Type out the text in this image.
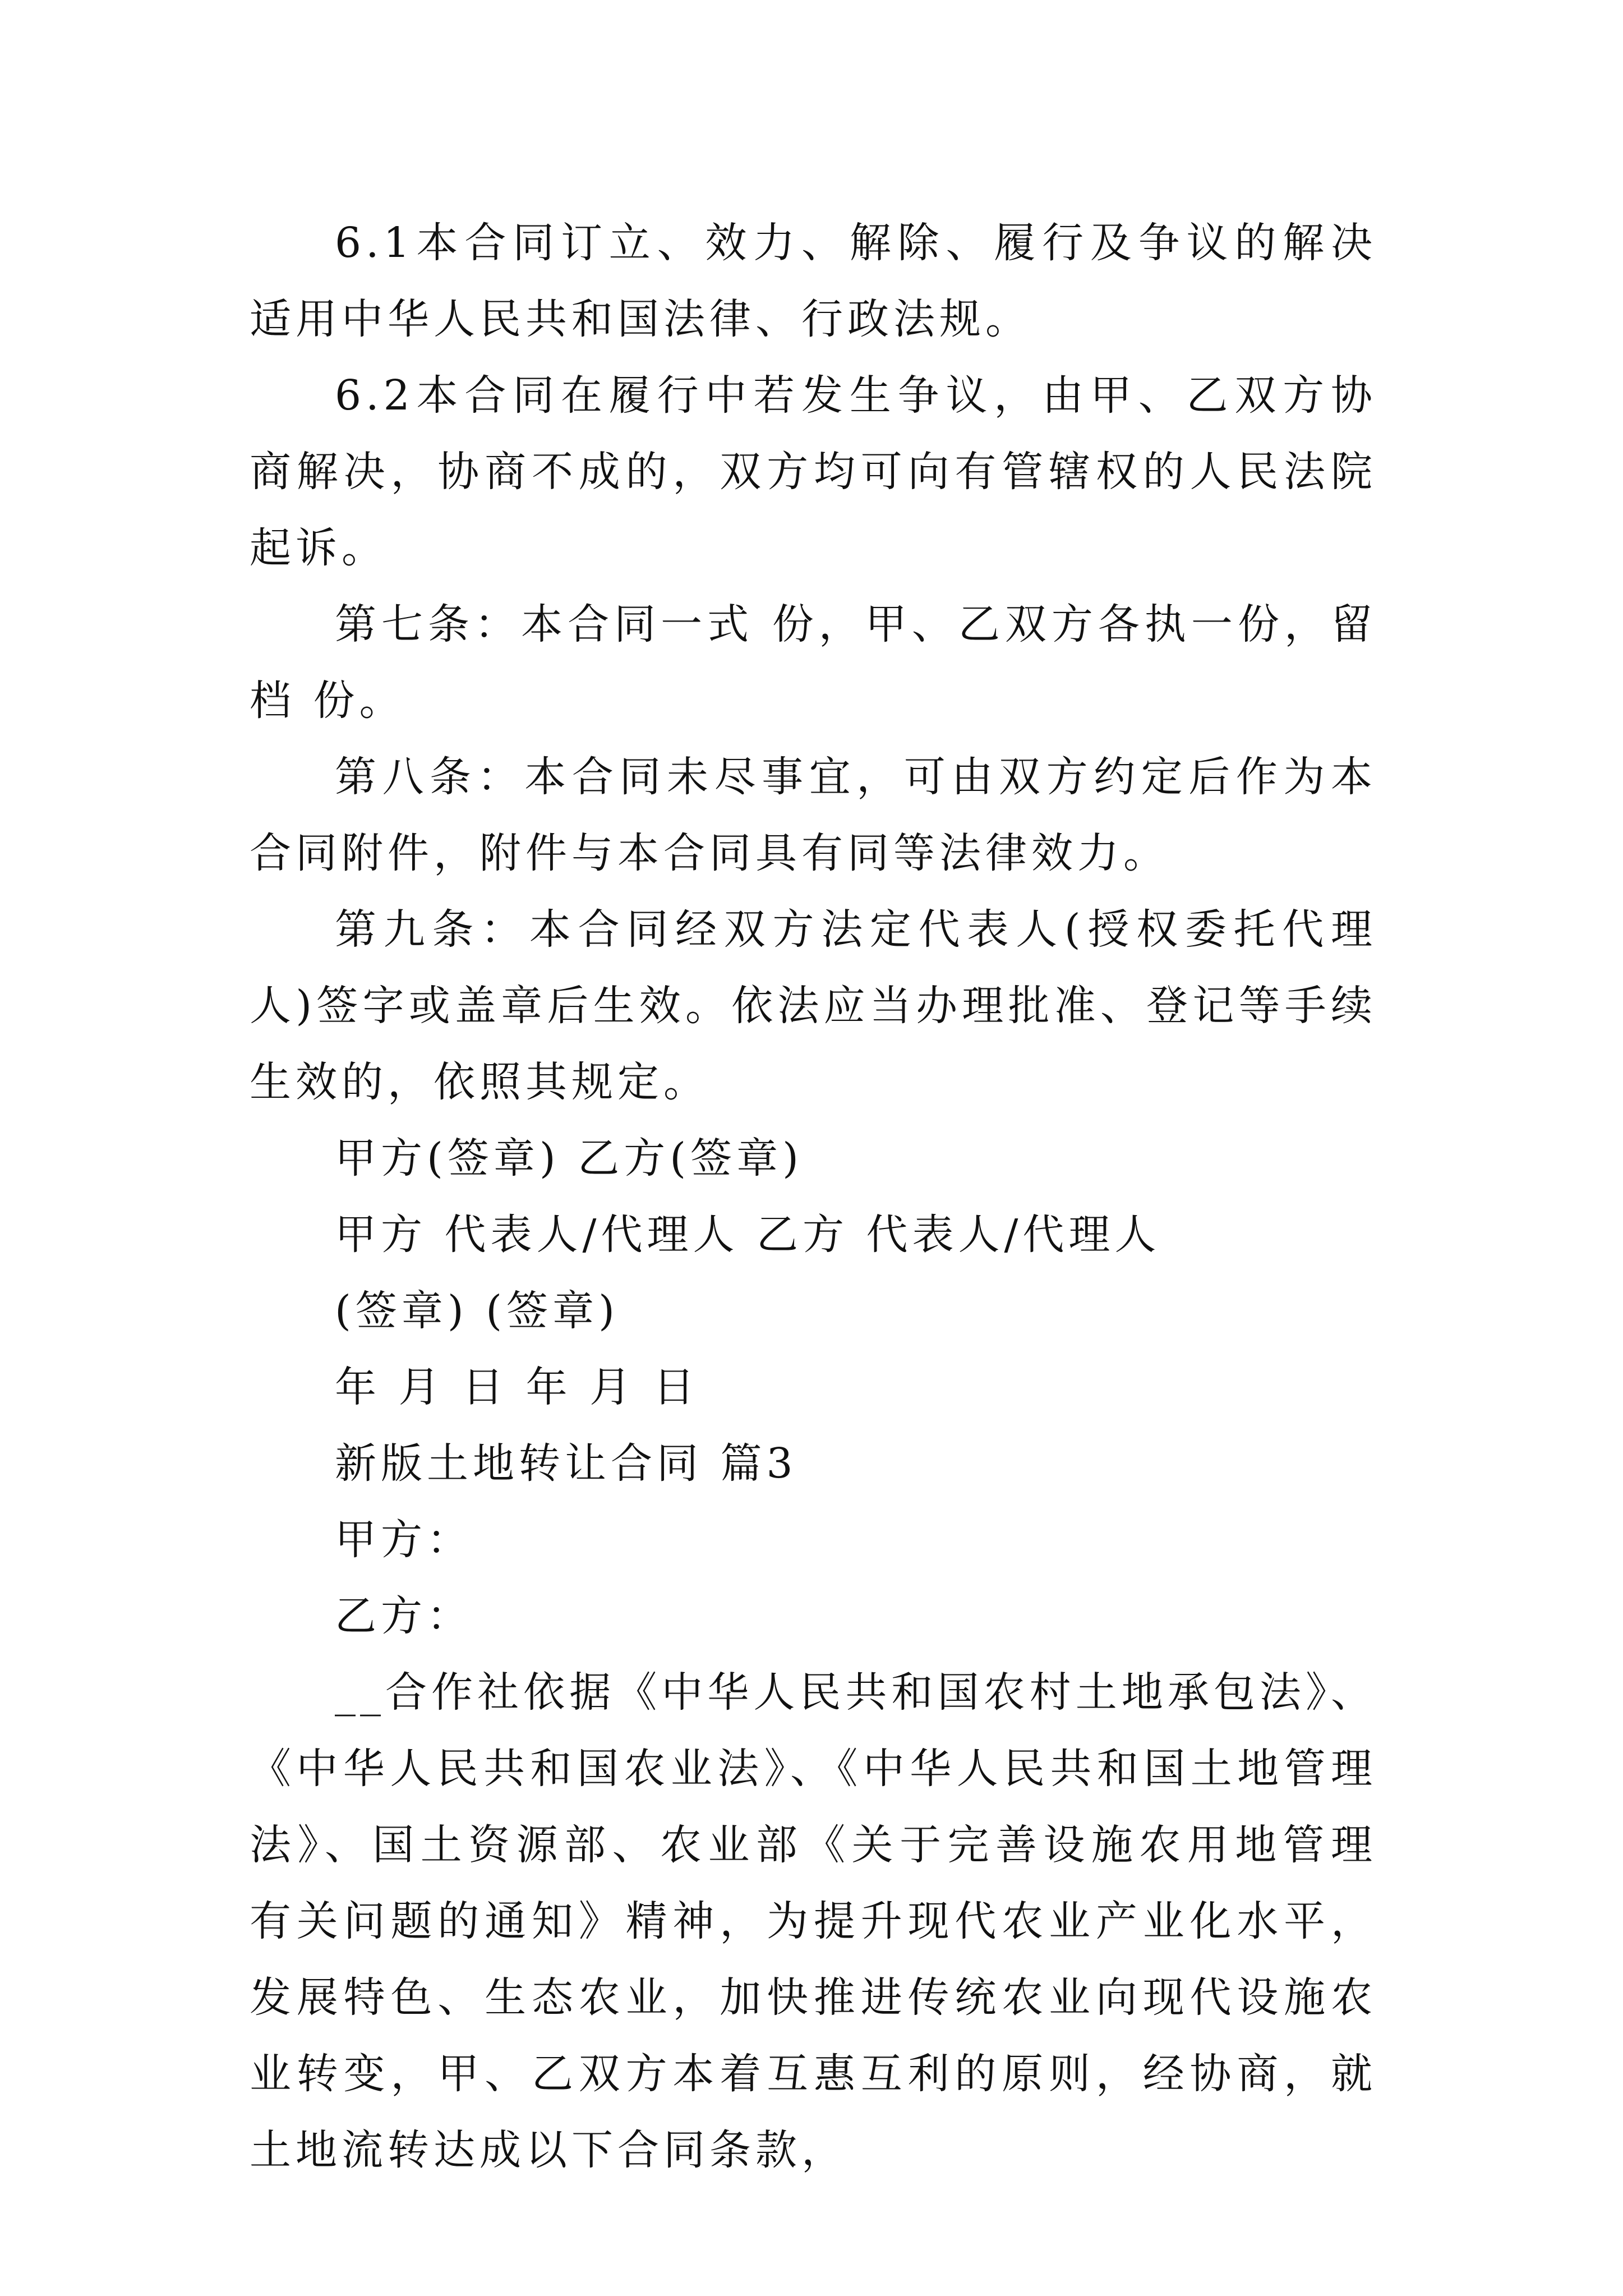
6.1本合同订立、效力、解除、履行及争议的解决适用中华人民共和国法律、行政法规。

6.2本合同在履行中若发生争议，由甲、乙双方协商解决，协商不成的，双方均可向有管辖权的人民法院起诉。

第七条：本合同一式 份，甲、乙双方各执一份，留档 份。

第八条：本合同未尽事宜，可由双方约定后作为本合同附件，附件与本合同具有同等法律效力。

第九条：本合同经双方法定代表人(授权委托代理人)签字或盖章后生效。依法应当办理批准、登记等手续生效的，依照其规定。

甲方(签章) 乙方(签章)

甲方 代表人/代理人 乙方 代表人/代理人

(签章) (签章)

年 月 日 年 月 日

新版土地转让合同 篇3

甲方：

乙方：

__合作社依据《中华人民共和国农村土地承包法》、《中华人民共和国农业法》、《中华人民共和国土地管理法》、国土资源部、农业部《关于完善设施农用地管理有关问题的通知》精神，为提升现代农业产业化水平，发展特色、生态农业，加快推进传统农业向现代设施农业转变，甲、乙双方本着互惠互利的原则，经协商，就土地流转达成以下合同条款，
